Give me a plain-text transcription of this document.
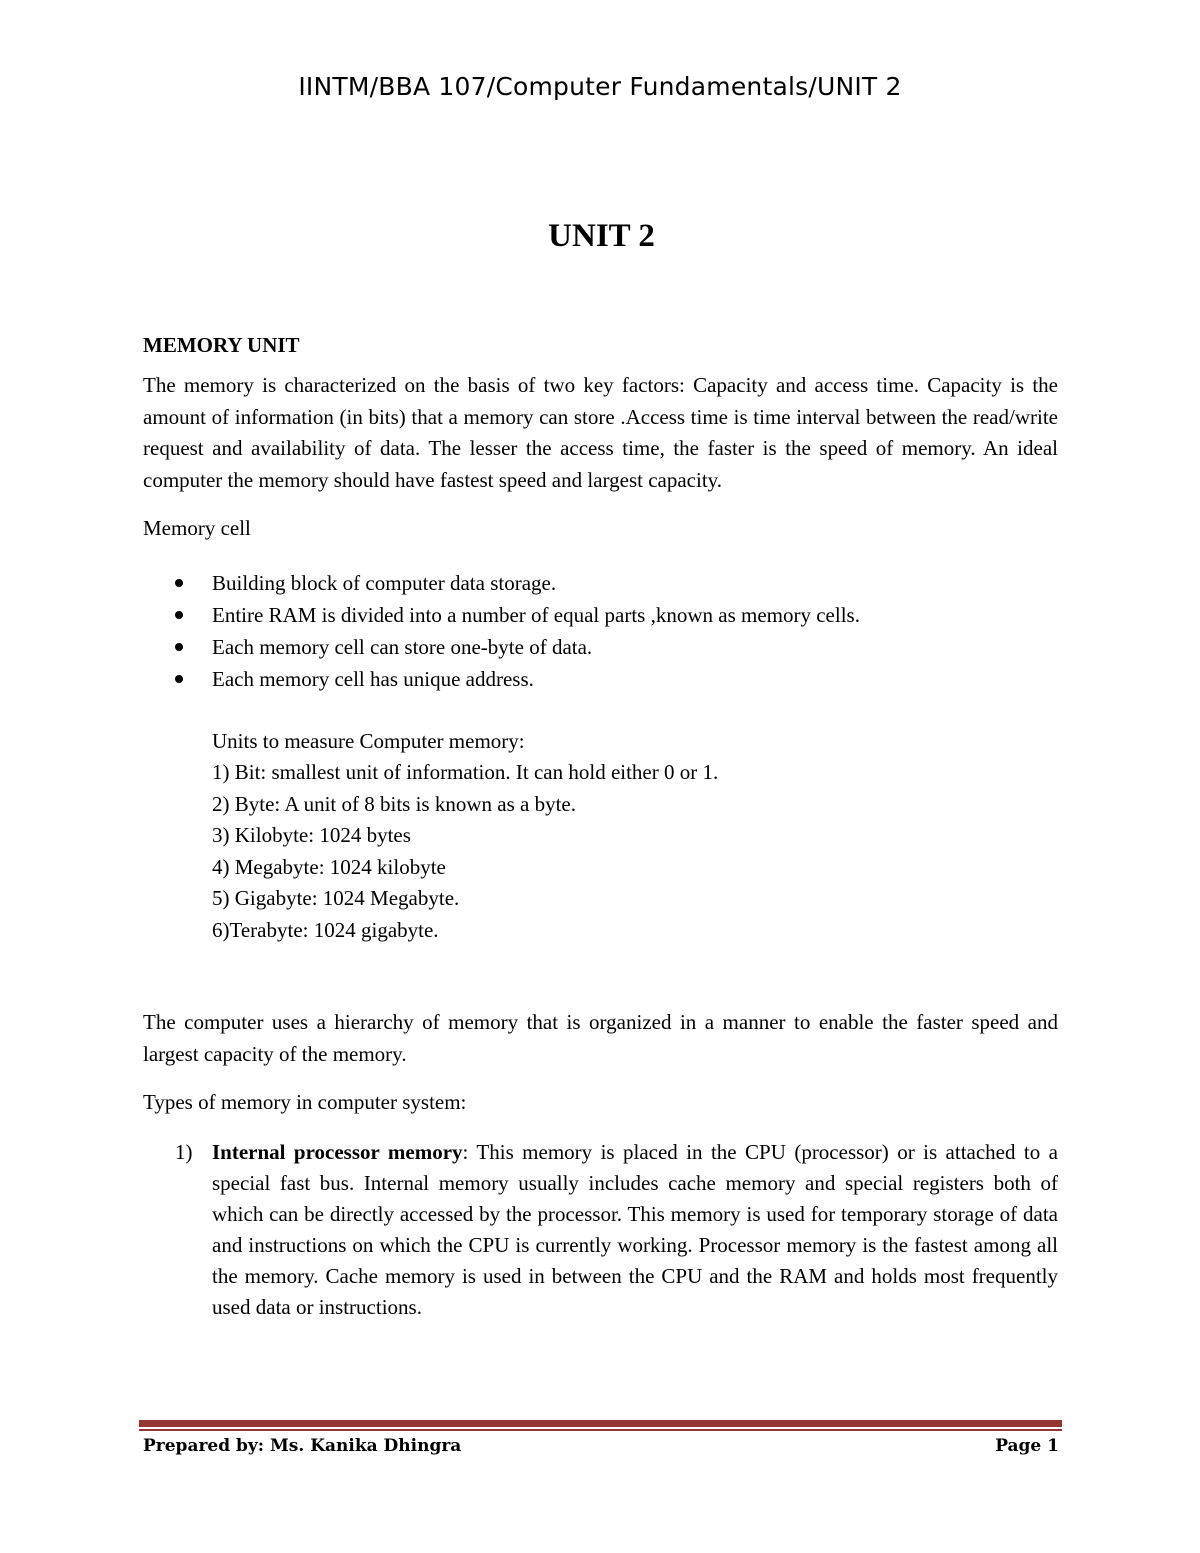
IINTM/BBA 107/Computer Fundamentals/UNIT 2
UNIT 2
MEMORY UNIT

The memory is characterized on the basis of two key factors: Capacity and access time. Capacity is the amount of information (in bits) that a memory can store .Access time is time interval between the read/write request and availability of data. The lesser the access time, the faster is the speed of memory. An ideal computer the memory should have fastest speed and largest capacity.

Memory cell

Building block of computer data storage.
Entire RAM is divided into a number of equal parts ,known as memory cells.
Each memory cell can store one-byte of data.
Each memory cell has unique address.
Units to measure Computer memory:
1) Bit: smallest unit of information. It can hold either 0 or 1.
2) Byte: A unit of 8 bits is known as a byte.
3) Kilobyte: 1024 bytes
4) Megabyte: 1024 kilobyte
5) Gigabyte: 1024 Megabyte.
6)Terabyte: 1024 gigabyte.

The computer uses a hierarchy of memory that is organized in a manner to enable the faster speed and largest capacity of the memory.

Types of memory in computer system:

1) Internal processor memory: This memory is placed in the CPU (processor) or is attached to a special fast bus. Internal memory usually includes cache memory and special registers both of which can be directly accessed by the processor. This memory is used for temporary storage of data and instructions on which the CPU is currently working. Processor memory is the fastest among all the memory. Cache memory is used in between the CPU and the RAM and holds most frequently used data or instructions.
Prepared by: Ms. Kanika Dhingra	Page 1
